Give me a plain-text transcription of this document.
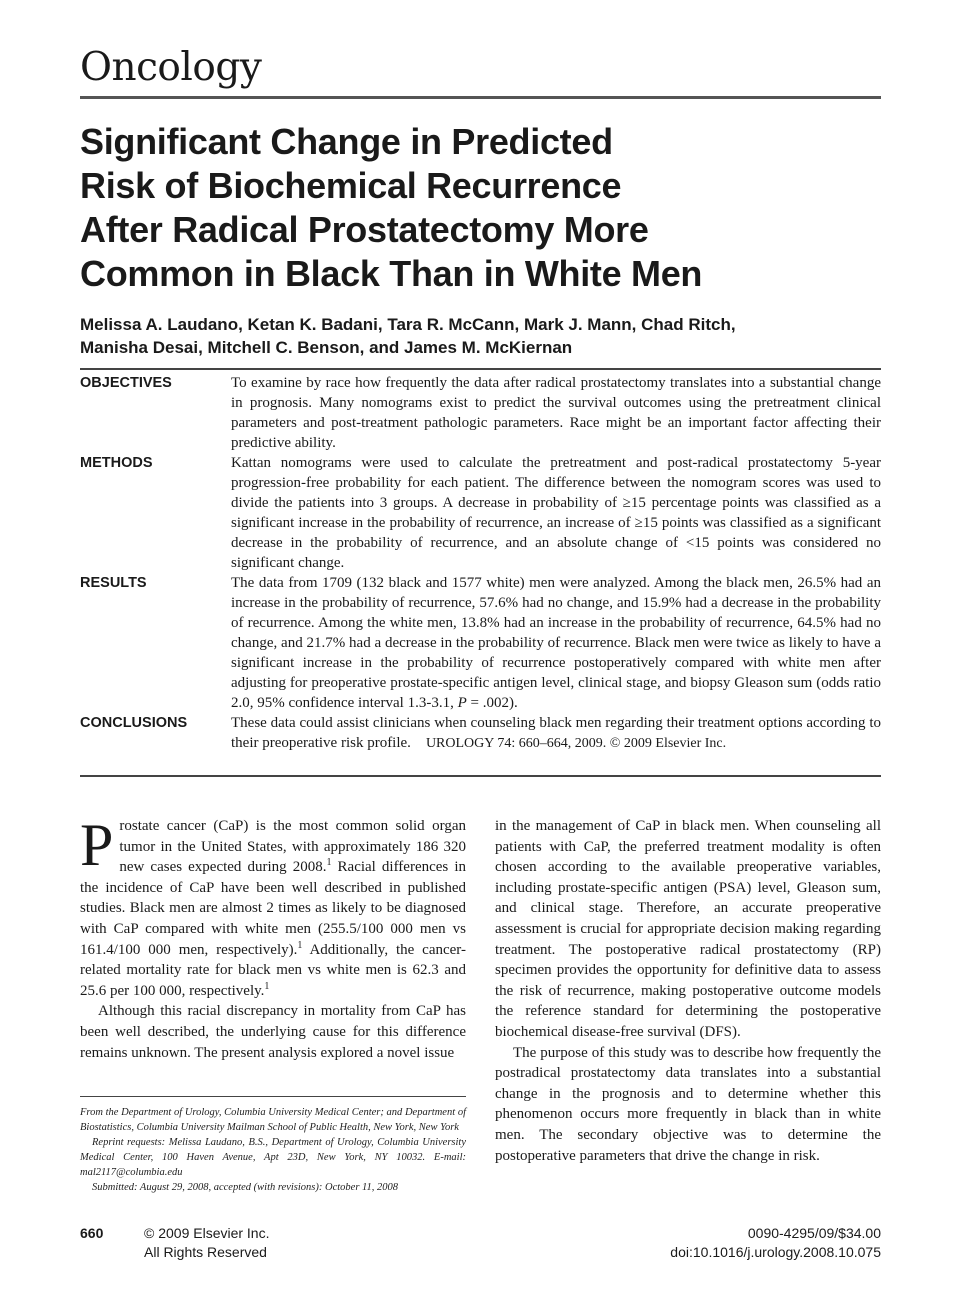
Oncology
Significant Change in Predicted
Risk of Biochemical Recurrence
After Radical Prostatectomy More
Common in Black Than in White Men
Melissa A. Laudano, Ketan K. Badani, Tara R. McCann, Mark J. Mann, Chad Ritch,
Manisha Desai, Mitchell C. Benson, and James M. McKiernan
OBJECTIVES	To examine by race how frequently the data after radical prostatectomy translates into a substantial change in prognosis. Many nomograms exist to predict the survival outcomes using the pretreatment clinical parameters and post-treatment pathologic parameters. Race might be an important factor affecting their predictive ability.
METHODS	Kattan nomograms were used to calculate the pretreatment and post-radical prostatectomy 5-year progression-free probability for each patient. The difference between the nomogram scores was used to divide the patients into 3 groups. A decrease in probability of ≥15 percentage points was classified as a significant increase in the probability of recurrence, an increase of ≥15 points was classified as a significant decrease in the probability of recurrence, and an absolute change of <15 points was considered no significant change.
RESULTS	The data from 1709 (132 black and 1577 white) men were analyzed. Among the black men, 26.5% had an increase in the probability of recurrence, 57.6% had no change, and 15.9% had a decrease in the probability of recurrence. Among the white men, 13.8% had an increase in the probability of recurrence, 64.5% had no change, and 21.7% had a decrease in the probability of recurrence. Black men were twice as likely to have a significant increase in the probability of recurrence postoperatively compared with white men after adjusting for preoperative prostate-specific antigen level, clinical stage, and biopsy Gleason sum (odds ratio 2.0, 95% confidence interval 1.3-3.1, P = .002).
CONCLUSIONS	These data could assist clinicians when counseling black men regarding their treatment options according to their preoperative risk profile. UROLOGY 74: 660–664, 2009. © 2009 Elsevier Inc.

Prostate cancer (CaP) is the most common solid organ tumor in the United States, with approximately 186 320 new cases expected during 2008.$^1$ Racial differences in the incidence of CaP have been well described in published studies. Black men are almost 2 times as likely to be diagnosed with CaP compared with white men (255.5/100 000 men vs 161.4/100 000 men, respectively).$^1$ Additionally, the cancer-related mortality rate for black men vs white men is 62.3 and 25.6 per 100 000, respectively.$^1$

Although this racial discrepancy in mortality from CaP has been well described, the underlying cause for this difference remains unknown. The present analysis explored a novel issue

in the management of CaP in black men. When counseling all patients with CaP, the preferred treatment modality is often chosen according to the available preoperative variables, including prostate-specific antigen (PSA) level, Gleason sum, and clinical stage. Therefore, an accurate preoperative assessment is crucial for appropriate decision making regarding treatment. The postoperative radical prostatectomy (RP) specimen provides the opportunity for definitive data to assess the risk of recurrence, making postoperative outcome models the reference standard for determining the postoperative biochemical disease-free survival (DFS).

The purpose of this study was to describe how frequently the postradical prostatectomy data translates into a substantial change in the prognosis and to determine whether this phenomenon occurs more frequently in black than in white men. The secondary objective was to determine the postoperative parameters that drive the change in risk.

From the Department of Urology, Columbia University Medical Center; and Department of Biostatistics, Columbia University Mailman School of Public Health, New York, New York

Reprint requests: Melissa Laudano, B.S., Department of Urology, Columbia University Medical Center, 100 Haven Avenue, Apt 23D, New York, NY 10032. E-mail: mal2117@columbia.edu

Submitted: August 29, 2008, accepted (with revisions): October 11, 2008

660	© 2009 Elsevier Inc.
All Rights Reserved
0090-4295/09/$34.00
doi:10.1016/j.urology.2008.10.075
